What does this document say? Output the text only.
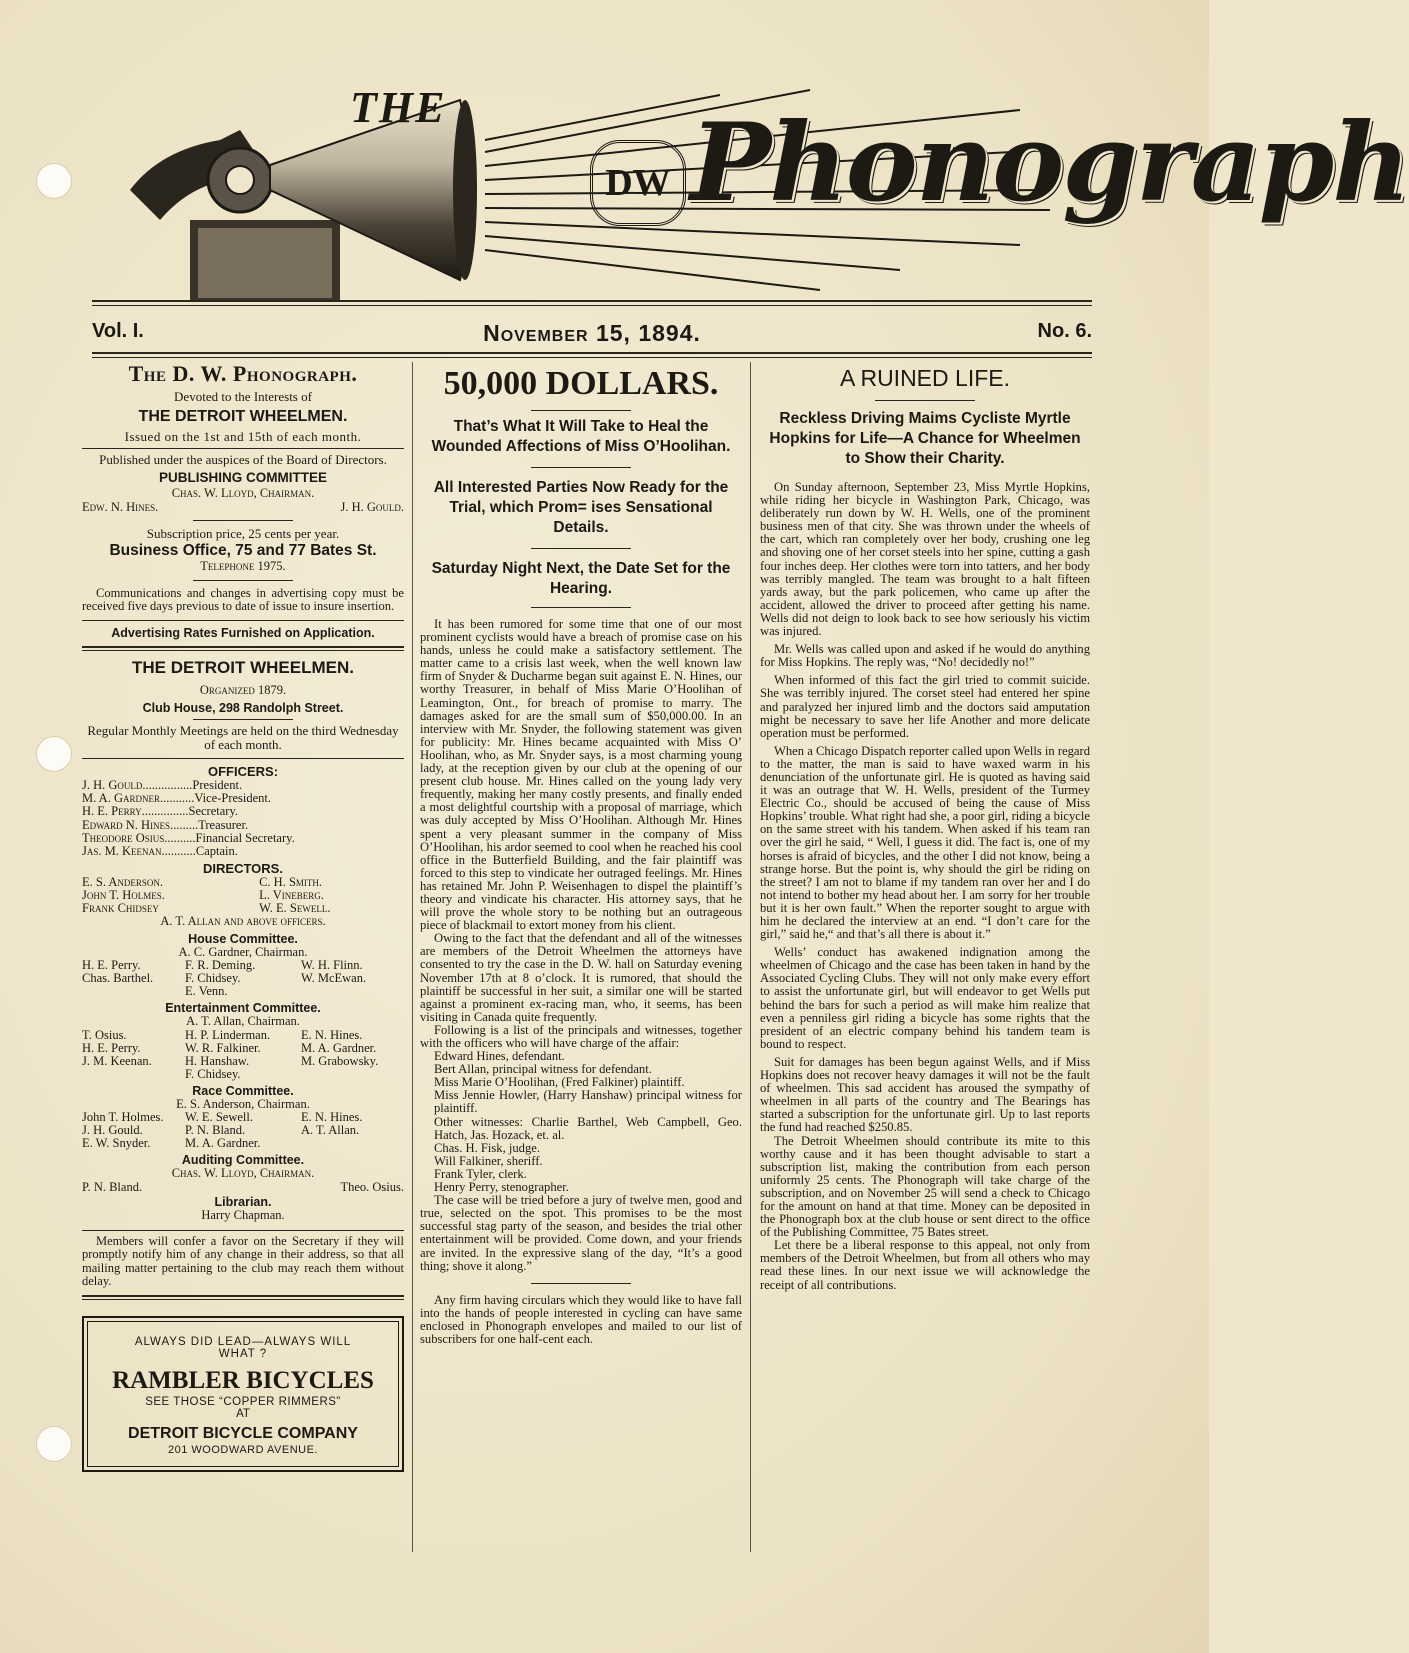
THE
DW Phonograph
Vol. I.	November 15, 1894.	No. 6.
The D. W. Phonograph.
Devoted to the Interests of
THE DETROIT WHEELMEN.
Issued on the 1st and 15th of each month.
Published under the auspices of the Board of Directors.
PUBLISHING COMMITTEE
Chas. W. Lloyd, Chairman.
Edw. N. Hines.	J. H. Gould.
Subscription price, 25 cents per year.
Business Office, 75 and 77 Bates St.
Telephone 1975.
Communications and changes in advertising copy must be received five days previous to date of issue to insure insertion.
Advertising Rates Furnished on Application.
THE DETROIT WHEELMEN.
Organized 1879.
Club House, 298 Randolph Street.
Regular Monthly Meetings are held on the third Wednesday of each month.
OFFICERS:
J. H. Gould ................ President.
M. A. Gardner ........... Vice-President.
H. E. Perry ............... Secretary.
Edward N. Hines ......... Treasurer.
Theodore Osius .......... Financial Secretary.
Jas. M. Keenan ........... Captain.
DIRECTORS.
E. S. Anderson.	C. H. Smith.
John T. Holmes.	L. Vineberg.
Frank Chidsey	W. E. Sewell.
A. T. Allan and above officers.
House Committee.
A. C. Gardner, Chairman.
H. E. Perry.	F. R. Deming.	W. H. Flinn.
Chas. Barthel.	F. Chidsey.	W. McEwan.
E. Venn.
Entertainment Committee.
A. T. Allan, Chairman.
T. Osius.	H. P. Linderman.	E. N. Hines.
H. E. Perry.	W. R. Falkiner.	M. A. Gardner.
J. M. Keenan.	H. Hanshaw.	M. Grabowsky.
F. Chidsey.
Race Committee.
E. S. Anderson, Chairman.
John T. Holmes.	W. E. Sewell.	E. N. Hines.
J. H. Gould.	P. N. Bland.	A. T. Allan.
E. W. Snyder.	M. A. Gardner.
Auditing Committee.
Chas. W. Lloyd, Chairman.
P. N. Bland.	Theo. Osius.
Librarian.
Harry Chapman.
Members will confer a favor on the Secretary if they will promptly notify him of any change in their address, so that all mailing matter pertaining to the club may reach them without delay.
ALWAYS DID LEAD—ALWAYS WILL
WHAT ?
RAMBLER BICYCLES
SEE THOSE “COPPER RIMMERS”
AT
DETROIT BICYCLE COMPANY
201 WOODWARD AVENUE.
50,000 DOLLARS.
That’s What It Will Take to Heal the Wounded Affections of Miss O’Hoolihan.
All Interested Parties Now Ready for the Trial, which Prom= ises Sensational Details.
Saturday Night Next, the Date Set for the Hearing.

It has been rumored for some time that one of our most prominent cyclists would have a breach of promise case on his hands, unless he could make a satisfactory settlement. The matter came to a crisis last week, when the well known law firm of Snyder & Ducharme began suit against E. N. Hines, our worthy Treasurer, in behalf of Miss Marie O’Hoolihan of Leamington, Ont., for breach of promise to marry. The damages asked for are the small sum of $50,000.00. In an interview with Mr. Snyder, the following statement was given for publicity: Mr. Hines became acquainted with Miss O’ Hoolihan, who, as Mr. Snyder says, is a most charming young lady, at the reception given by our club at the opening of our present club house. Mr. Hines called on the young lady very frequently, making her many costly presents, and finally ended a most delightful courtship with a proposal of marriage, which was duly accepted by Miss O’Hoolihan. Although Mr. Hines spent a very pleasant summer in the company of Miss O’Hoolihan, his ardor seemed to cool when he reached his cool office in the Butterfield Building, and the fair plaintiff was forced to this step to vindicate her outraged feelings. Mr. Hines has retained Mr. John P. Weisenhagen to dispel the plaintiff’s theory and vindicate his character. His attorney says, that he will prove the whole story to be nothing but an outrageous piece of blackmail to extort money from his client.

Owing to the fact that the defendant and all of the witnesses are members of the Detroit Wheelmen the attorneys have consented to try the case in the D. W. hall on Saturday evening November 17th at 8 o’clock. It is rumored, that should the plaintiff be successful in her suit, a similar one will be started against a prominent ex-racing man, who, it seems, has been visiting in Canada quite frequently.

Following is a list of the principals and witnesses, together with the officers who will have charge of the affair:

Edward Hines, defendant.

Bert Allan, principal witness for defendant.

Miss Marie O’Hoolihan, (Fred Falkiner) plaintiff.

Miss Jennie Howler, (Harry Hanshaw) principal witness for plaintiff.

Other witnesses: Charlie Barthel, Web Campbell, Geo. Hatch, Jas. Hozack, et. al.

Chas. H. Fisk, judge.

Will Falkiner, sheriff.

Frank Tyler, clerk.

Henry Perry, stenographer.

The case will be tried before a jury of twelve men, good and true, selected on the spot. This promises to be the most successful stag party of the season, and besides the trial other entertainment will be provided. Come down, and your friends are invited. In the expressive slang of the day, “It’s a good thing; shove it along.”

Any firm having circulars which they would like to have fall into the hands of people interested in cycling can have same enclosed in Phonograph envelopes and mailed to our list of subscribers for one half-cent each.

A RUINED LIFE.
Reckless Driving Maims Cycliste Myrtle Hopkins for Life—A Chance for Wheelmen to Show their Charity.

On Sunday afternoon, September 23, Miss Myrtle Hopkins, while riding her bicycle in Washington Park, Chicago, was deliberately run down by W. H. Wells, one of the prominent business men of that city. She was thrown under the wheels of the cart, which ran completely over her body, crushing one leg and shoving one of her corset steels into her spine, cutting a gash four inches deep. Her clothes were torn into tatters, and her body was terribly mangled. The team was brought to a halt fifteen yards away, but the park policemen, who came up after the accident, allowed the driver to proceed after getting his name. Wells did not deign to look back to see how seriously his victim was injured.

Mr. Wells was called upon and asked if he would do anything for Miss Hopkins. The reply was, “No! decidedly no!”

When informed of this fact the girl tried to commit suicide. She was terribly injured. The corset steel had entered her spine and paralyzed her injured limb and the doctors said amputation might be necessary to save her life Another and more delicate operation must be performed.

When a Chicago Dispatch reporter called upon Wells in regard to the matter, the man is said to have waxed warm in his denunciation of the unfortunate girl. He is quoted as having said it was an outrage that W. H. Wells, president of the Turmey Electric Co., should be accused of being the cause of Miss Hopkins’ trouble. What right had she, a poor girl, riding a bicycle on the same street with his tandem. When asked if his team ran over the girl he said, “ Well, I guess it did. The fact is, one of my horses is afraid of bicycles, and the other I did not know, being a strange horse. But the point is, why should the girl be riding on the street? I am not to blame if my tandem ran over her and I do not intend to bother my head about her. I am sorry for her trouble but it is her own fault.” When the reporter sought to argue with him he declared the interview at an end. “I don’t care for the girl,” said he,“ and that’s all there is about it.”

Wells’ conduct has awakened indignation among the wheelmen of Chicago and the case has been taken in hand by the Associated Cycling Clubs. They will not only make every effort to assist the unfortunate girl, but will endeavor to get Wells put behind the bars for such a period as will make him realize that even a penniless girl riding a bicycle has some rights that the president of an electric company behind his tandem team is bound to respect.

Suit for damages has been begun against Wells, and if Miss Hopkins does not recover heavy damages it will not be the fault of wheelmen. This sad accident has aroused the sympathy of wheelmen in all parts of the country and The Bearings has started a subscription for the unfortunate girl. Up to last reports the fund had reached $250.85.

The Detroit Wheelmen should contribute its mite to this worthy cause and it has been thought advisable to start a subscription list, making the contribution from each person uniformly 25 cents. The Phonograph will take charge of the subscription, and on November 25 will send a check to Chicago for the amount on hand at that time. Money can be deposited in the Phonograph box at the club house or sent direct to the office of the Publishing Committee, 75 Bates street.

Let there be a liberal response to this appeal, not only from members of the Detroit Wheelmen, but from all others who may read these lines. In our next issue we will acknowledge the receipt of all contributions.
